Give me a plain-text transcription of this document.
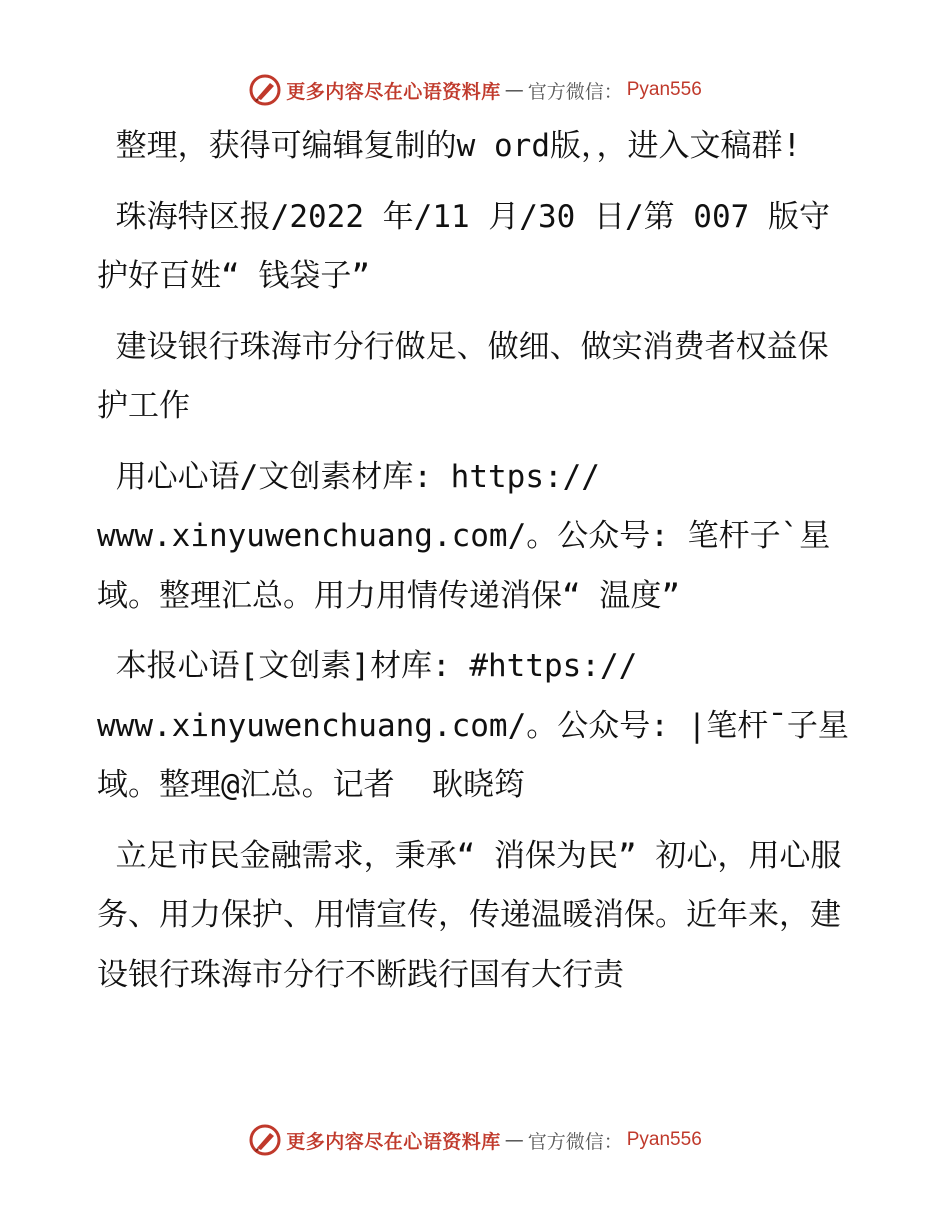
更多内容尽在心语资料库 — 官方微信： Pyan556

整理，获得可编辑复制的w ord版，，进入文稿群!

珠海特区报/2022 年/11 月/30 日/第 007 版守护好百姓“ 钱袋子”

建设银行珠海市分行做足、做细、做实消费者权益保护工作

用心心语/文创素材库: https://
www.xinyuwenchuang.com/。公众号: 笔杆子`星域。整理汇总。用力用情传递消保“ 温度”

本报心语[文创素]材库: #https://
www.xinyuwenchuang.com/。公众号: |笔杆¯子星域。整理@汇总。记者  耿晓筠

立足市民金融需求，秉承“ 消保为民” 初心，用心服务、用力保护、用情宣传，传递温暖消保。近年来，建设银行珠海市分行不断践行国有大行责

更多内容尽在心语资料库 — 官方微信： Pyan556
